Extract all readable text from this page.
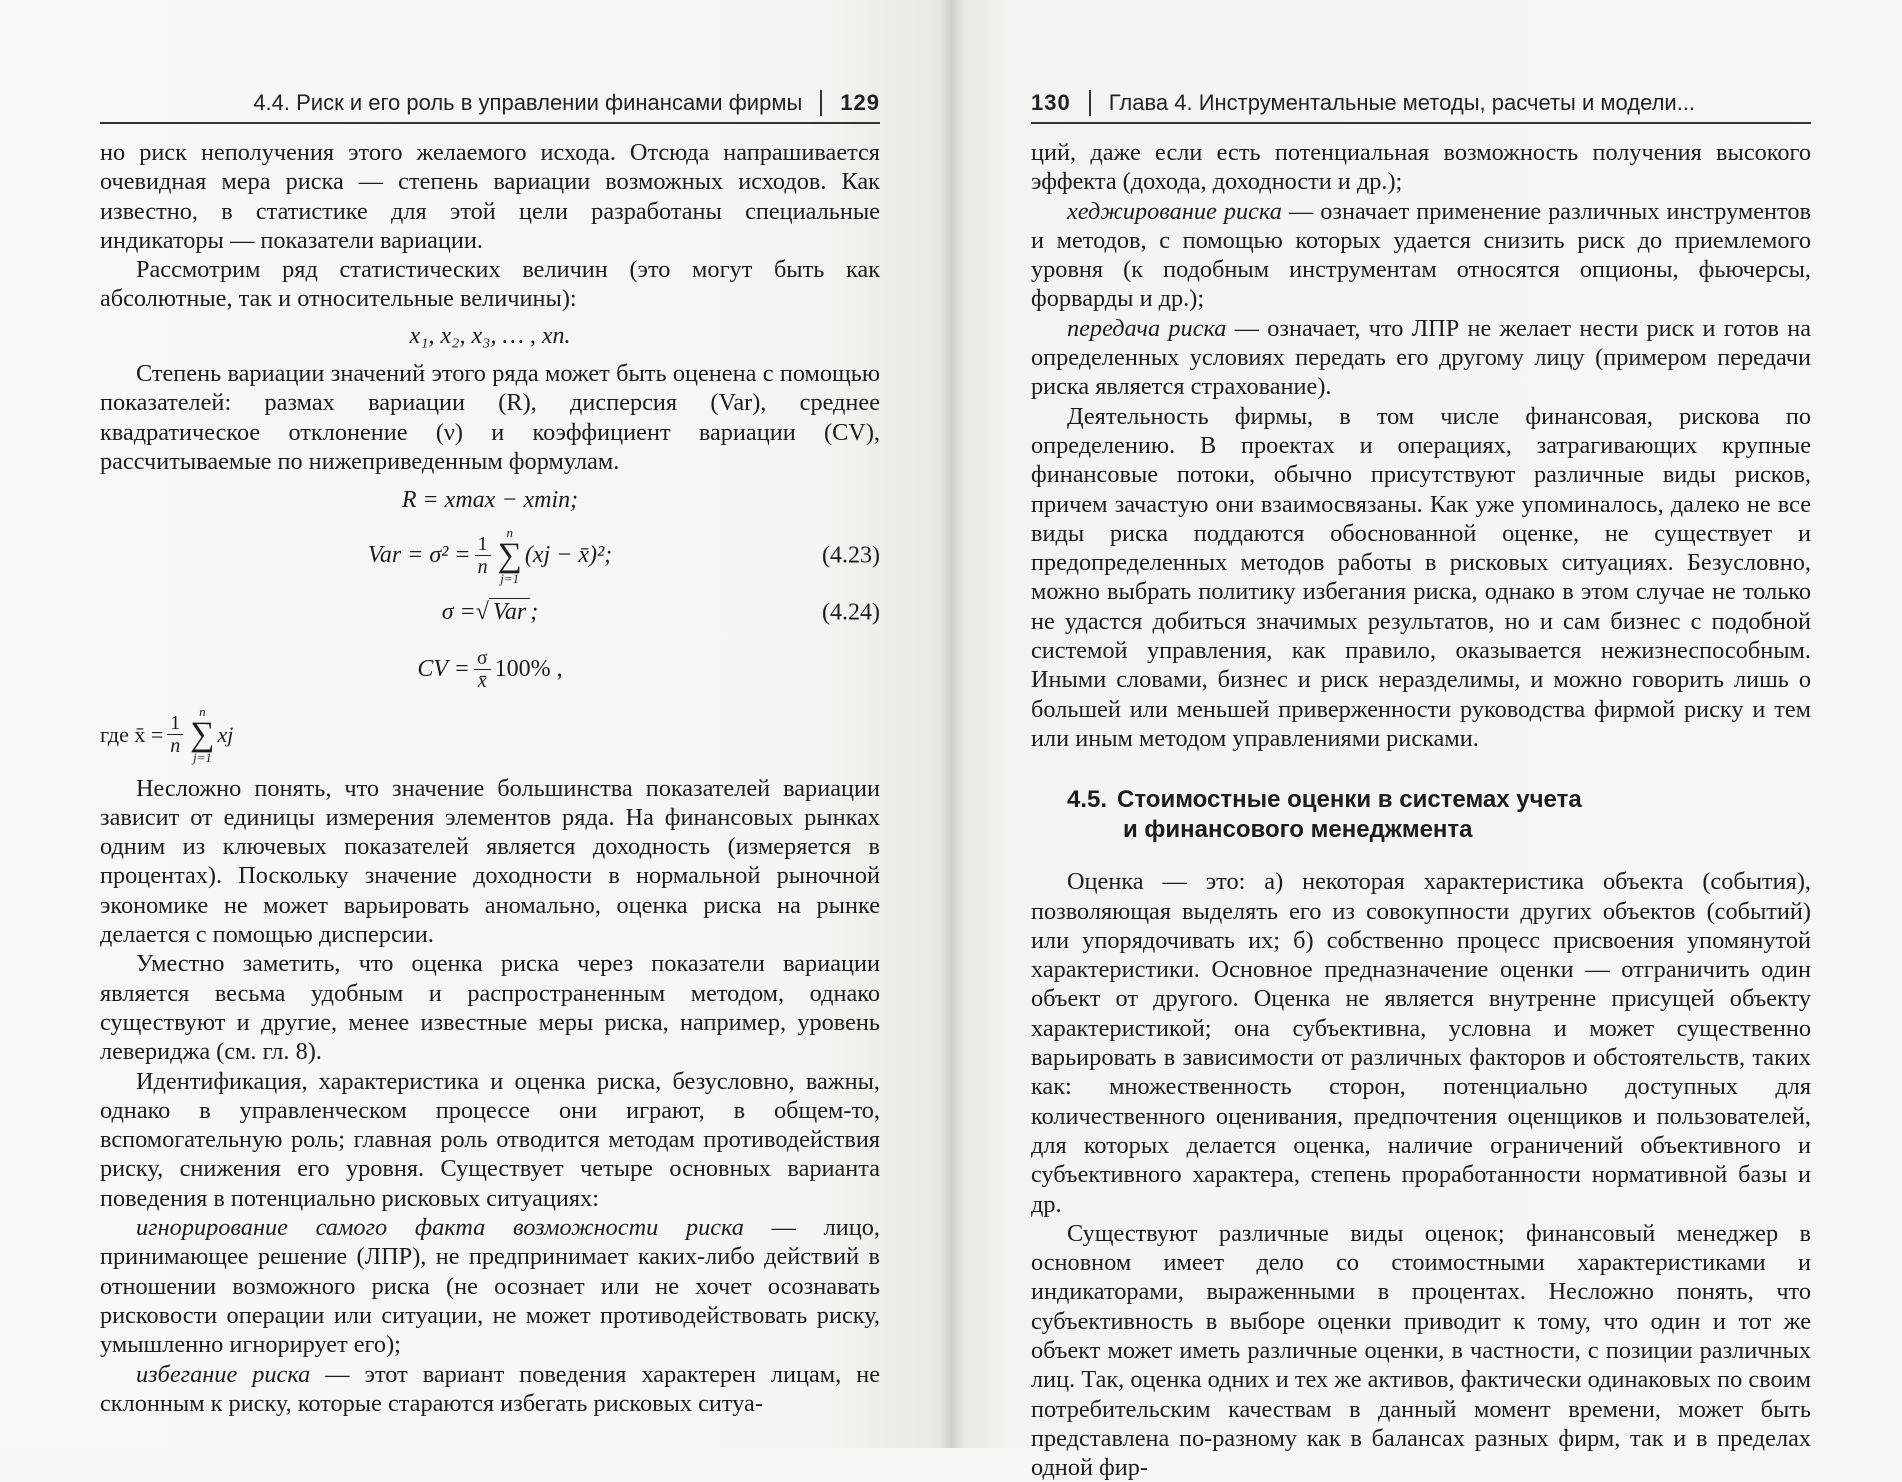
4.4. Риск и его роль в управлении финансами фирмы 129

но риск неполучения этого желаемого исхода. Отсюда напрашивается очевидная мера риска — степень вариации возможных исходов. Как известно, в статистике для этой цели разработаны специальные индикаторы — показатели вариации.

Рассмотрим ряд статистических величин (это могут быть как абсолютные, так и относительные величины):

x₁, x₂, x₃, … , xn.

Степень вариации значений этого ряда может быть оценена с помощью показателей: размах вариации (R), дисперсия (Var), среднее квадратическое отклонение (ν) и коэффициент вариации (CV), рассчитываемые по нижеприведенным формулам.

R = xmax − xmin;
Var = $\sigma^2 = \frac{1}{n}$
n
∑
j=1
(xj − x̄)²;	(4.23)
σ = √ Var ;	(4.24)
CV = $\frac{\sigma}{x̄} 100\%$ ,
где x̄ = $\frac{1}{n}$
n
∑
j=1
xj

Несложно понять, что значение большинства показателей вариации зависит от единицы измерения элементов ряда. На финансовых рынках одним из ключевых показателей является доходность (измеряется в процентах). Поскольку значение доходности в нормальной рыночной экономике не может варьировать аномально, оценка риска на рынке делается с помощью дисперсии.

Уместно заметить, что оценка риска через показатели вариации является весьма удобным и распространенным методом, однако существуют и другие, менее известные меры риска, например, уровень левериджа (см. гл. 8).

Идентификация, характеристика и оценка риска, безусловно, важны, однако в управленческом процессе они играют, в общем-то, вспомогательную роль; главная роль отводится методам противодействия риску, снижения его уровня. Существует четыре основных варианта поведения в потенциально рисковых ситуациях:

игнорирование самого факта возможности риска — лицо, принимающее решение (ЛПР), не предпринимает каких-либо действий в отношении возможного риска (не осознает или не хочет осознавать рисковости операции или ситуации, не может противодействовать риску, умышленно игнорирует его);

избегание риска — этот вариант поведения характерен лицам, не склонным к риску, которые стараются избегать рисковых ситуа-

130 Глава 4. Инструментальные методы, расчеты и модели...

ций, даже если есть потенциальная возможность получения высокого эффекта (дохода, доходности и др.);

хеджирование риска — означает применение различных инструментов и методов, с помощью которых удается снизить риск до приемлемого уровня (к подобным инструментам относятся опционы, фьючерсы, форварды и др.);

передача риска — означает, что ЛПР не желает нести риск и готов на определенных условиях передать его другому лицу (примером передачи риска является страхование).

Деятельность фирмы, в том числе финансовая, рискова по определению. В проектах и операциях, затрагивающих крупные финансовые потоки, обычно присутствуют различные виды рисков, причем зачастую они взаимосвязаны. Как уже упоминалось, далеко не все виды риска поддаются обоснованной оценке, не существует и предопределенных методов работы в рисковых ситуациях. Безусловно, можно выбрать политику избегания риска, однако в этом случае не только не удастся добиться значимых результатов, но и сам бизнес с подобной системой управления, как правило, оказывается нежизнеспособным. Иными словами, бизнес и риск неразделимы, и можно говорить лишь о большей или меньшей приверженности руководства фирмой риску и тем или иным методом управлениями рисками.

4.5. Стоимостные оценки в системах учета
и финансового менеджмента

Оценка — это: а) некоторая характеристика объекта (события), позволяющая выделять его из совокупности других объектов (событий) или упорядочивать их; б) собственно процесс присвоения упомянутой характеристики. Основное предназначение оценки — отграничить один объект от другого. Оценка не является внутренне присущей объекту характеристикой; она субъективна, условна и может существенно варьировать в зависимости от различных факторов и обстоятельств, таких как: множественность сторон, потенциально доступных для количественного оценивания, предпочтения оценщиков и пользователей, для которых делается оценка, наличие ограничений объективного и субъективного характера, степень проработанности нормативной базы и др.

Существуют различные виды оценок; финансовый менеджер в основном имеет дело со стоимостными характеристиками и индикаторами, выраженными в процентах. Несложно понять, что субъективность в выборе оценки приводит к тому, что один и тот же объект может иметь различные оценки, в частности, с позиции различных лиц. Так, оценка одних и тех же активов, фактически одинаковых по своим потребительским качествам в данный момент времени, может быть представлена по-разному как в балансах разных фирм, так и в пределах одной фир-
